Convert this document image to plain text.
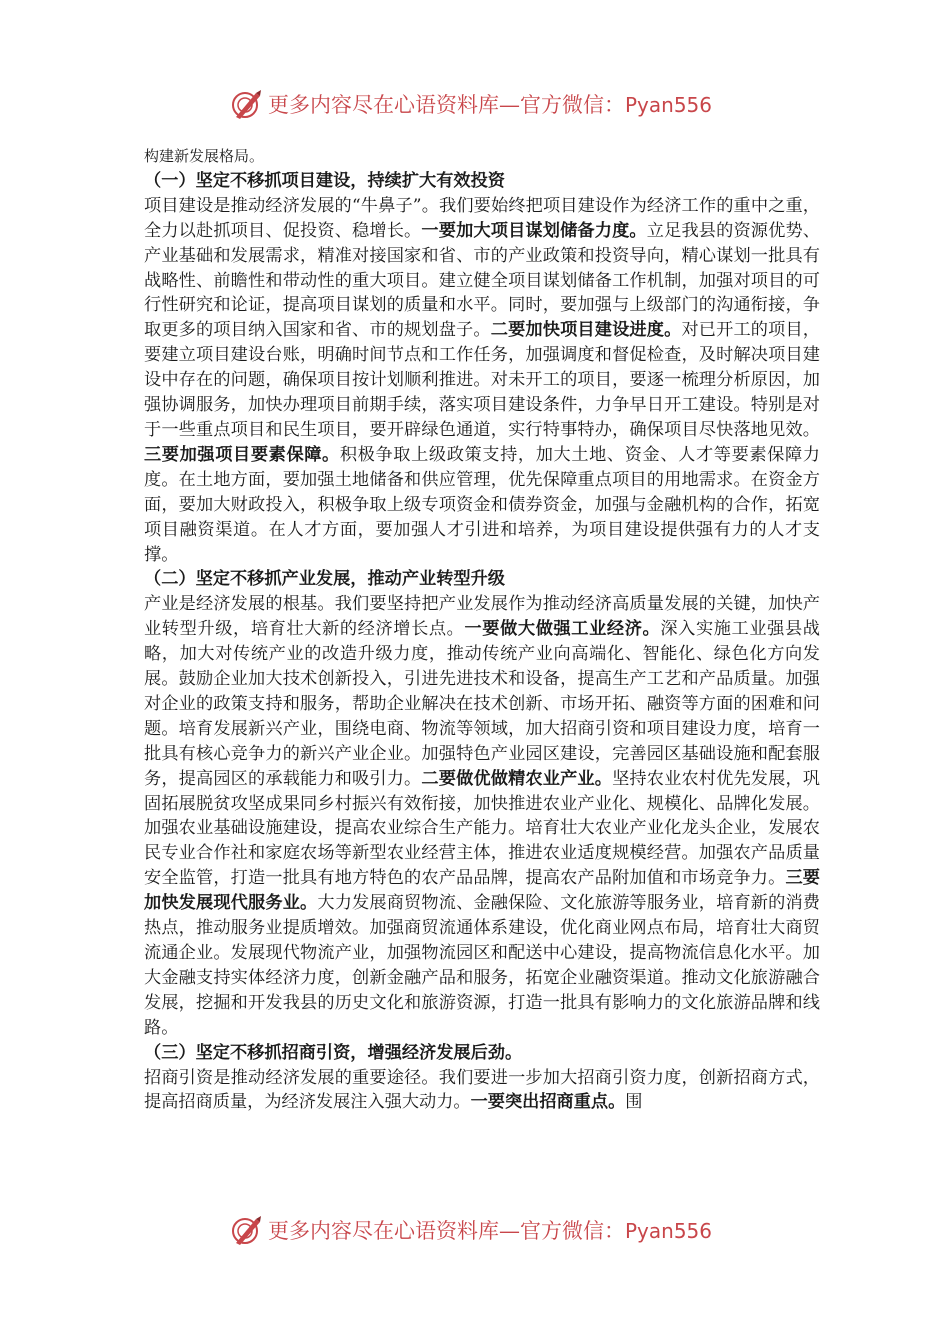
更多内容尽在心语资料库—官方微信：Pyan556

构建新发展格局。

（一）坚定不移抓项目建设，持续扩大有效投资

项目建设是推动经济发展的“牛鼻子”。我们要始终把项目建设作为经济工作的重中之重，全力以赴抓项目、促投资、稳增长。一要加大项目谋划储备力度。立足我县的资源优势、产业基础和发展需求，精准对接国家和省、市的产业政策和投资导向，精心谋划一批具有战略性、前瞻性和带动性的重大项目。建立健全项目谋划储备工作机制，加强对项目的可行性研究和论证，提高项目谋划的质量和水平。同时，要加强与上级部门的沟通衔接，争取更多的项目纳入国家和省、市的规划盘子。二要加快项目建设进度。对已开工的项目，要建立项目建设台账，明确时间节点和工作任务，加强调度和督促检查，及时解决项目建设中存在的问题，确保项目按计划顺利推进。对未开工的项目，要逐一梳理分析原因，加强协调服务，加快办理项目前期手续，落实项目建设条件，力争早日开工建设。特别是对于一些重点项目和民生项目，要开辟绿色通道，实行特事特办，确保项目尽快落地见效。三要加强项目要素保障。积极争取上级政策支持，加大土地、资金、人才等要素保障力度。在土地方面，要加强土地储备和供应管理，优先保障重点项目的用地需求。在资金方面，要加大财政投入，积极争取上级专项资金和债券资金，加强与金融机构的合作，拓宽项目融资渠道。在人才方面，要加强人才引进和培养，为项目建设提供强有力的人才支撑。

（二）坚定不移抓产业发展，推动产业转型升级

产业是经济发展的根基。我们要坚持把产业发展作为推动经济高质量发展的关键，加快产业转型升级，培育壮大新的经济增长点。一要做大做强工业经济。深入实施工业强县战略，加大对传统产业的改造升级力度，推动传统产业向高端化、智能化、绿色化方向发展。鼓励企业加大技术创新投入，引进先进技术和设备，提高生产工艺和产品质量。加强对企业的政策支持和服务，帮助企业解决在技术创新、市场开拓、融资等方面的困难和问题。培育发展新兴产业，围绕电商、物流等领域，加大招商引资和项目建设力度，培育一批具有核心竞争力的新兴产业企业。加强特色产业园区建设，完善园区基础设施和配套服务，提高园区的承载能力和吸引力。二要做优做精农业产业。坚持农业农村优先发展，巩固拓展脱贫攻坚成果同乡村振兴有效衔接，加快推进农业产业化、规模化、品牌化发展。加强农业基础设施建设，提高农业综合生产能力。培育壮大农业产业化龙头企业，发展农民专业合作社和家庭农场等新型农业经营主体，推进农业适度规模经营。加强农产品质量安全监管，打造一批具有地方特色的农产品品牌，提高农产品附加值和市场竞争力。三要加快发展现代服务业。大力发展商贸物流、金融保险、文化旅游等服务业，培育新的消费热点，推动服务业提质增效。加强商贸流通体系建设，优化商业网点布局，培育壮大商贸流通企业。发展现代物流产业，加强物流园区和配送中心建设，提高物流信息化水平。加大金融支持实体经济力度，创新金融产品和服务，拓宽企业融资渠道。推动文化旅游融合发展，挖掘和开发我县的历史文化和旅游资源，打造一批具有影响力的文化旅游品牌和线路。

（三）坚定不移抓招商引资，增强经济发展后劲。

招商引资是推动经济发展的重要途径。我们要进一步加大招商引资力度，创新招商方式，提高招商质量，为经济发展注入强大动力。一要突出招商重点。围

更多内容尽在心语资料库—官方微信：Pyan556
